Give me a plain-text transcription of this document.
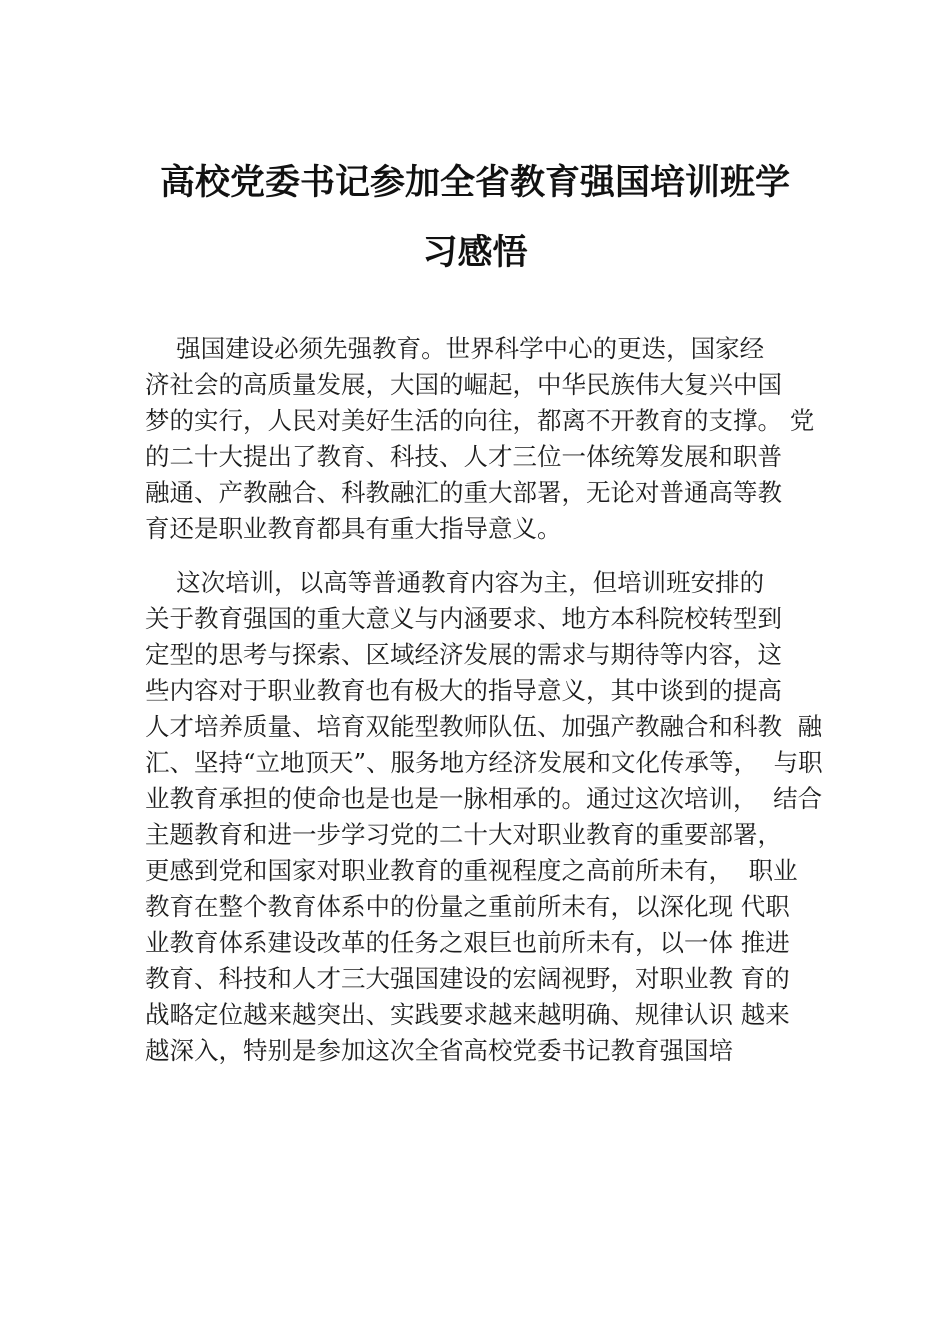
高校党委书记参加全省教育强国培训班学
习感悟
强国建设必须先强教育。世界科学中心的更迭，国家经
济社会的高质量发展，大国的崛起，中华民族伟大复兴中国
梦的实行，人民对美好生活的向往，都离不开教育的支撑。 党
的二十大提出了教育、科技、人才三位一体统筹发展和职普
融通、产教融合、科教融汇的重大部署，无论对普通高等教
育还是职业教育都具有重大指导意义。
这次培训，以高等普通教育内容为主，但培训班安排的
关于教育强国的重大意义与内涵要求、地方本科院校转型到
定型的思考与探索、区域经济发展的需求与期待等内容，这
些内容对于职业教育也有极大的指导意义，其中谈到的提高
人才培养质量、培育双能型教师队伍、加强产教融合和科教  融
汇、坚持“立地顶天”、服务地方经济发展和文化传承等，  与职
业教育承担的使命也是也是一脉相承的。通过这次培训，  结合
主题教育和进一步学习党的二十大对职业教育的重要部署，
更感到党和国家对职业教育的重视程度之高前所未有，  职业
教育在整个教育体系中的份量之重前所未有，以深化现 代职
业教育体系建设改革的任务之艰巨也前所未有，以一体 推进
教育、科技和人才三大强国建设的宏阔视野，对职业教 育的
战略定位越来越突出、实践要求越来越明确、规律认识 越来
越深入，特别是参加这次全省高校党委书记教育强国培
